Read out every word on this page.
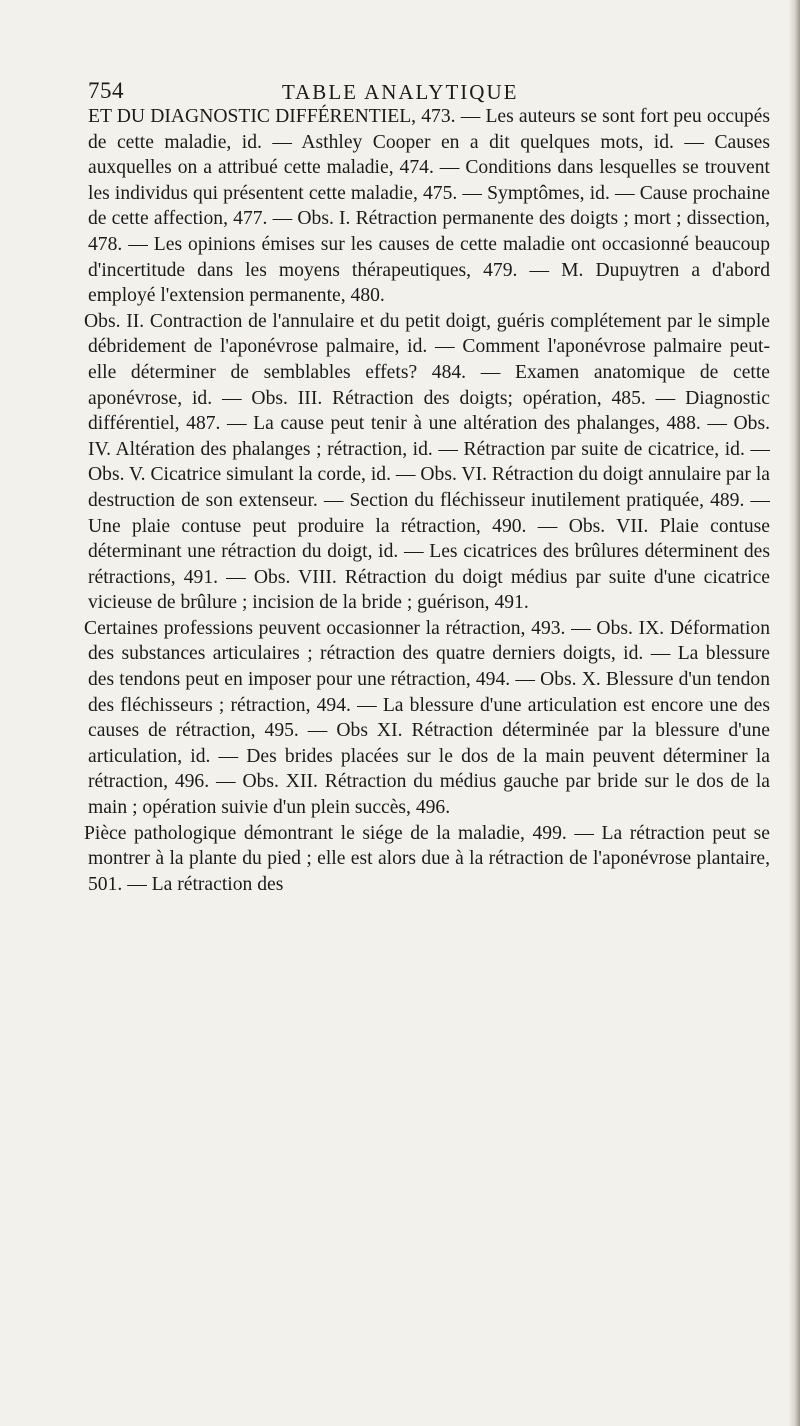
754	TABLE ANALYTIQUE

ET DU DIAGNOSTIC DIFFÉRENTIEL, 473. — Les auteurs se sont fort peu occupés de cette maladie, id. — Asthley Cooper en a dit quelques mots, id. — Causes auxquelles on a attribué cette maladie, 474. — Conditions dans lesquelles se trouvent les individus qui présentent cette maladie, 475. — Symptômes, id. — Cause prochaine de cette affection, 477. — Obs. I. Rétraction permanente des doigts ; mort ; dissection, 478. — Les opinions émises sur les causes de cette maladie ont occasionné beaucoup d'incertitude dans les moyens thérapeutiques, 479. — M. Dupuytren a d'abord employé l'extension permanente, 480.

Obs. II. Contraction de l'annulaire et du petit doigt, guéris complétement par le simple débridement de l'aponévrose palmaire, id. — Comment l'aponévrose palmaire peut-elle déterminer de semblables effets? 484. — Examen anatomique de cette aponévrose, id. — Obs. III. Rétraction des doigts; opération, 485. — Diagnostic différentiel, 487. — La cause peut tenir à une altération des phalanges, 488. — Obs. IV. Altération des phalanges ; rétraction, id. — Rétraction par suite de cicatrice, id. — Obs. V. Cicatrice simulant la corde, id. — Obs. VI. Rétraction du doigt annulaire par la destruction de son extenseur. — Section du fléchisseur inutilement pratiquée, 489. — Une plaie contuse peut produire la rétraction, 490. — Obs. VII. Plaie contuse déterminant une rétraction du doigt, id. — Les cicatrices des brûlures déterminent des rétractions, 491. — Obs. VIII. Rétraction du doigt médius par suite d'une cicatrice vicieuse de brûlure ; incision de la bride ; guérison, 491.

Certaines professions peuvent occasionner la rétraction, 493. — Obs. IX. Déformation des substances articulaires ; rétraction des quatre derniers doigts, id. — La blessure des tendons peut en imposer pour une rétraction, 494. — Obs. X. Blessure d'un tendon des fléchisseurs ; rétraction, 494. — La blessure d'une articulation est encore une des causes de rétraction, 495. — Obs XI. Rétraction déterminée par la blessure d'une articulation, id. — Des brides placées sur le dos de la main peuvent déterminer la rétraction, 496. — Obs. XII. Rétraction du médius gauche par bride sur le dos de la main ; opération suivie d'un plein succès, 496.

Pièce pathologique démontrant le siége de la maladie, 499. — La rétraction peut se montrer à la plante du pied ; elle est alors due à la rétraction de l'aponévrose plantaire, 501. — La rétraction des
